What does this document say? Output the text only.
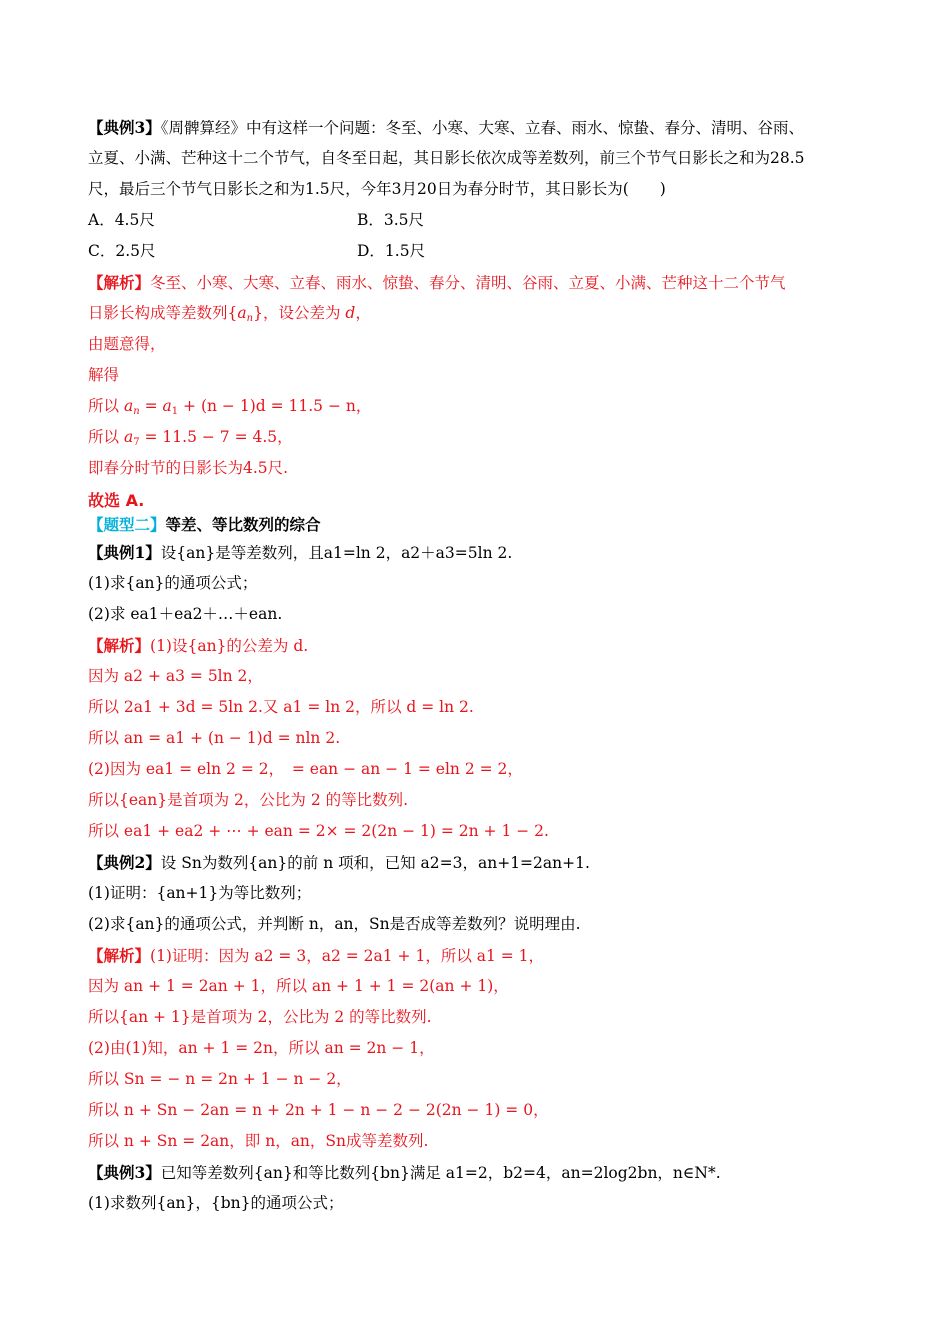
【典例3】《周髀算经》中有这样一个问题：冬至、小寒、大寒、立春、雨水、惊蛰、春分、清明、谷雨、
立夏、小满、芒种这十二个节气，自冬至日起，其日影长依次成等差数列，前三个节气日影长之和为28.5
尺，最后三个节气日影长之和为1.5尺，今年3月20日为春分时节，其日影长为(　　)
A．4.5尺	B．3.5尺
C．2.5尺	D．1.5尺
【解析】冬至、小寒、大寒、立春、雨水、惊蛰、春分、清明、谷雨、立夏、小满、芒种这十二个节气
日影长构成等差数列$\{a_n\}$，设公差为 d，
由题意得，
解得
所以 $a_n = a_1 + (n - 1)d = 11.5 - n$，
所以 $a_7 = 11.5 - 7 = 4.5$，
即春分时节的日影长为4.5尺.
故选 A.
【题型二】等差、等比数列的综合
【典例1】设{an}是等差数列，且a1=ln 2，a2＋a3=5ln 2.
(1)求{an}的通项公式；
(2)求 ea1＋ea2＋…＋ean.
【解析】(1)设{an}的公差为 d.
因为 a2 + a3 = 5ln 2，
所以 2a1 + 3d = 5ln 2.又 a1 = ln 2，所以 d = ln 2.
所以 an = a1 + (n − 1)d = nln 2.
(2)因为 ea1 = eln 2 = 2，　= ean − an − 1 = eln 2 = 2，
所以{ean}是首项为 2，公比为 2 的等比数列.
所以 ea1 + ea2 + ⋯ + ean = 2× = 2(2n − 1) = 2n + 1 − 2.
【典例2】设 Sn为数列{an}的前 n 项和，已知 a2=3，an+1=2an+1.
(1)证明：{an+1}为等比数列；
(2)求{an}的通项公式，并判断 n，an，Sn是否成等差数列？说明理由.
【解析】(1)证明：因为 a2 = 3，a2 = 2a1 + 1，所以 a1 = 1，
因为 an + 1 = 2an + 1，所以 an + 1 + 1 = 2(an + 1)，
所以{an + 1}是首项为 2，公比为 2 的等比数列.
(2)由(1)知，an + 1 = 2n，所以 an = 2n − 1，
所以 Sn = − n = 2n + 1 − n − 2，
所以 n + Sn − 2an = n + 2n + 1 − n − 2 − 2(2n − 1) = 0，
所以 n + Sn = 2an，即 n，an，Sn成等差数列.
【典例3】已知等差数列{an}和等比数列{bn}满足 a1=2，b2=4，an=2log2bn，n∈N*.
(1)求数列{an}，{bn}的通项公式；
